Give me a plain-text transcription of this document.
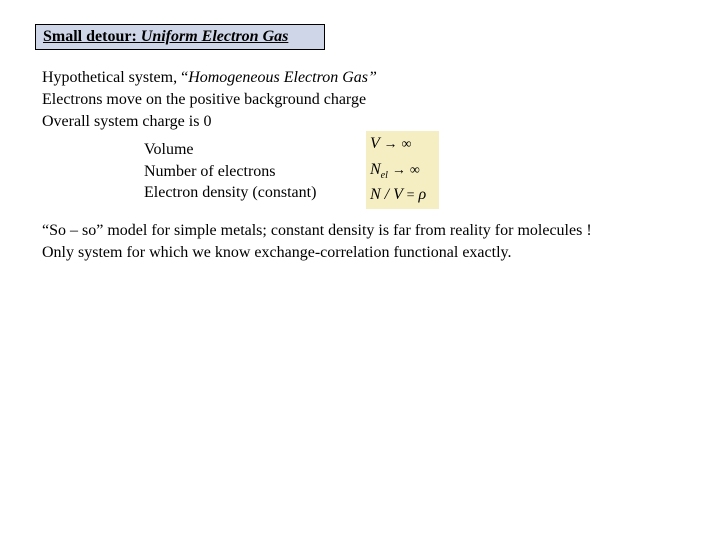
Small detour: Uniform Electron Gas
Hypothetical system, “Homogeneous Electron Gas”
Electrons move on the positive background charge
Overall system charge is 0
Volume
Number of electrons
Electron density (constant)
V → ∞
$N_{el}$ → ∞
N / V = ρ
“So – so” model for simple metals; constant density is far from reality for molecules !
Only system for which we know exchange-correlation functional exactly.
